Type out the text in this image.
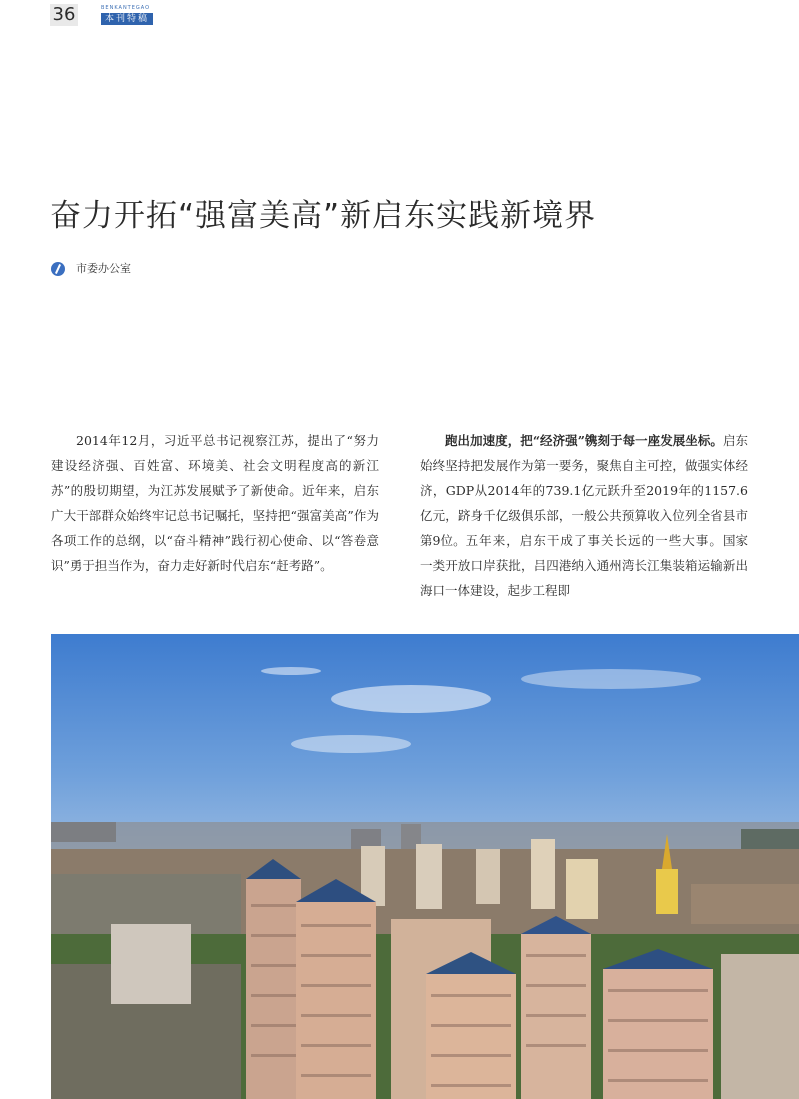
36	BENKANTEGAO
本刊特稿
奋力开拓“强富美高”新启东实践新境界
市委办公室

2014年12月，习近平总书记视察江苏，提出了“努力建设经济强、百姓富、环境美、社会文明程度高的新江苏”的殷切期望，为江苏发展赋予了新使命。近年来，启东广大干部群众始终牢记总书记嘱托，坚持把“强富美高”作为各项工作的总纲，以“奋斗精神”践行初心使命、以“答卷意识”勇于担当作为，奋力走好新时代启东“赶考路”。

跑出加速度，把“经济强”镌刻于每一座发展坐标。启东始终坚持把发展作为第一要务，聚焦自主可控，做强实体经济，GDP从2014年的739.1亿元跃升至2019年的1157.6亿元，跻身千亿级俱乐部，一般公共预算收入位列全省县市第9位。五年来，启东干成了事关长远的一些大事。国家一类开放口岸获批，吕四港纳入通州湾长江集装箱运输新出海口一体建设，起步工程即
